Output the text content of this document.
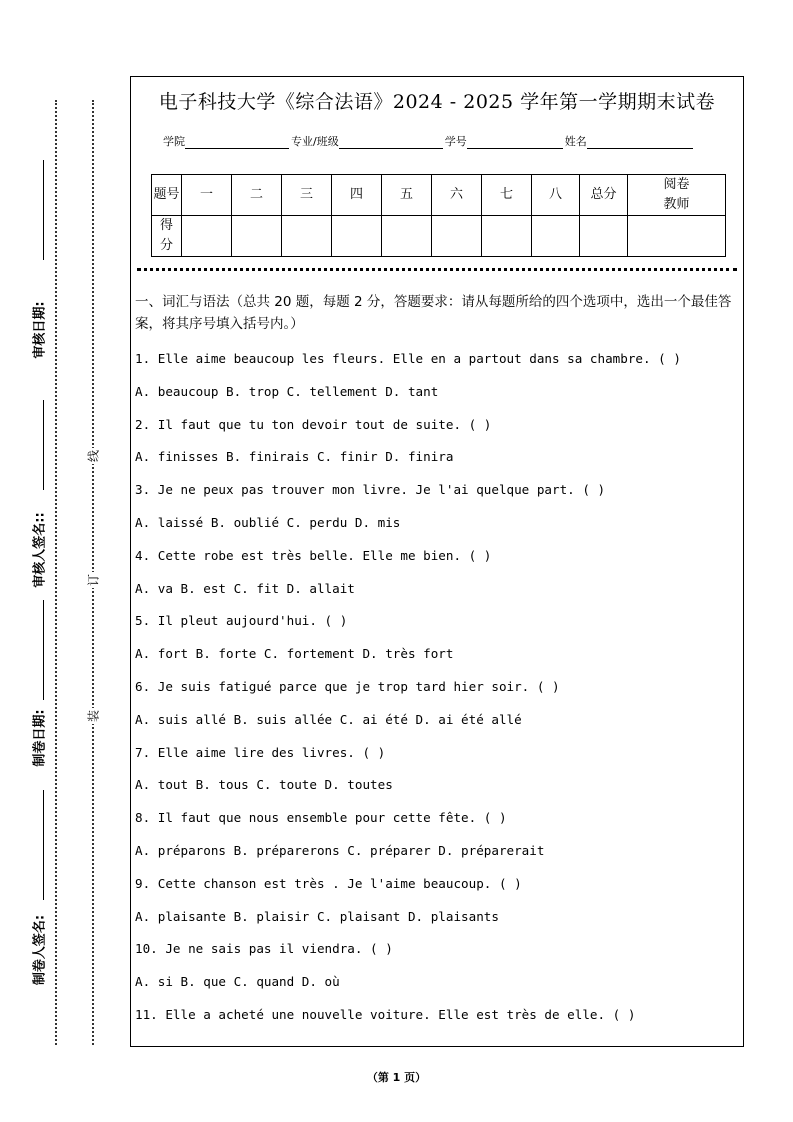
审核日期:
审核人签名::
制卷日期:
制卷人签名:
线
订
装
电子科技大学《综合法语》2024 - 2025 学年第一学期期末试卷
学院	专业/班级	学号	姓名
题号	一	二	三	四	五	六	七	八	总分	阅卷教师
得分										
一、词汇与语法（总共 20 题，每题 2 分，答题要求：请从每题所给的四个选项中，选出一个最佳答案，将其序号填入括号内。）
1. Elle aime beaucoup les fleurs. Elle en a partout dans sa chambre. ( )
A. beaucoup B. trop C. tellement D. tant
2. Il faut que tu ton devoir tout de suite. ( )
A. finisses B. finirais C. finir D. finira
3. Je ne peux pas trouver mon livre. Je l'ai quelque part. ( )
A. laissé B. oublié C. perdu D. mis
4. Cette robe est très belle. Elle me bien. ( )
A. va B. est C. fit D. allait
5. Il pleut aujourd'hui. ( )
A. fort B. forte C. fortement D. très fort
6. Je suis fatigué parce que je trop tard hier soir. ( )
A. suis allé B. suis allée C. ai été D. ai été allé
7. Elle aime lire des livres. ( )
A. tout B. tous C. toute D. toutes
8. Il faut que nous ensemble pour cette fête. ( )
A. préparons B. préparerons C. préparer D. préparerait
9. Cette chanson est très . Je l'aime beaucoup. ( )
A. plaisante B. plaisir C. plaisant D. plaisants
10. Je ne sais pas il viendra. ( )
A. si B. que C. quand D. où
11. Elle a acheté une nouvelle voiture. Elle est très de elle. ( )
（第 1 页）
